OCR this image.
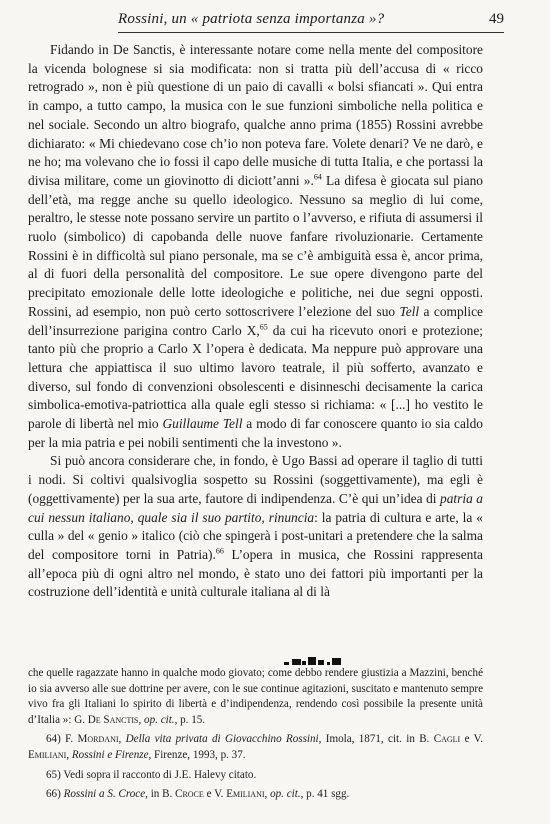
Rossini, un « patriota senza importanza »?	49

Fidando in De Sanctis, è interessante notare come nella mente del compositore la vicenda bolognese si sia modificata: non si tratta più dell’accusa di « ricco retrogrado », non è più questione di un paio di cavalli « bolsi sfiancati ». Qui entra in campo, a tutto campo, la musica con le sue funzioni simboliche nella politica e nel sociale. Secondo un altro biografo, qualche anno prima (1855) Rossini avrebbe dichiarato: « Mi chiedevano cose ch’io non poteva fare. Volete denari? Ve ne darò, e ne ho; ma volevano che io fossi il capo delle musiche di tutta Italia, e che portassi la divisa militare, come un giovinotto di diciott’anni ».$^{64}$ La difesa è giocata sul piano dell’età, ma regge anche su quello ideologico. Nessuno sa meglio di lui come, peraltro, le stesse note possano servire un partito o l’avverso, e rifiuta di assumersi il ruolo (simbolico) di capobanda delle nuove fanfare rivoluzionarie. Certamente Rossini è in difficoltà sul piano personale, ma se c’è ambiguità essa è, ancor prima, al di fuori della personalità del compositore. Le sue opere divengono parte del precipitato emozionale delle lotte ideologiche e politiche, nei due segni opposti. Rossini, ad esempio, non può certo sottoscrivere l’elezione del suo Tell a complice dell’insurrezione parigina contro Carlo X,$^{65}$ da cui ha ricevuto onori e protezione; tanto più che proprio a Carlo X l’opera è dedicata. Ma neppure può approvare una lettura che appiattisca il suo ultimo lavoro teatrale, il più sofferto, avanzato e diverso, sul fondo di convenzioni obsolescenti e disinneschi decisamente la carica simbolica-emotiva-patriottica alla quale egli stesso si richiama: « [...] ho vestito le parole di libertà nel mio Guillaume Tell a modo di far conoscere quanto io sia caldo per la mia patria e pei nobili sentimenti che la investono ».

Si può ancora considerare che, in fondo, è Ugo Bassi ad operare il taglio di tutti i nodi. Si coltivi qualsivoglia sospetto su Rossini (soggettivamente), ma egli è (oggettivamente) per la sua arte, fautore di indipendenza. C’è qui un’idea di patria a cui nessun italiano, quale sia il suo partito, rinuncia: la patria di cultura e arte, la « culla » del « genio » italico (ciò che spingerà i post-unitari a pretendere che la salma del compositore torni in Patria).$^{66}$ L’opera in musica, che Rossini rappresenta all’epoca più di ogni altro nel mondo, è stato uno dei fattori più importanti per la costruzione dell’identità e unità culturale italiana al di là

che quelle ragazzate hanno in qualche modo giovato; come debbo rendere giustizia a Mazzini, benché io sia avverso alle sue dottrine per avere, con le sue continue agitazioni, suscitato e mantenuto sempre vivo fra gli Italiani lo spirito di libertà e d’indipendenza, rendendo così possibile la presente unità d’Italia »: G. De Sanctis, op. cit., p. 15.

64) F. Mordani, Della vita privata di Giovacchino Rossini, Imola, 1871, cit. in B. Cagli e V. Emiliani, Rossini e Firenze, Firenze, 1993, p. 37.

65) Vedi sopra il racconto di J.E. Halevy citato.

66) Rossini a S. Croce, in B. Croce e V. Emiliani, op. cit., p. 41 sgg.
